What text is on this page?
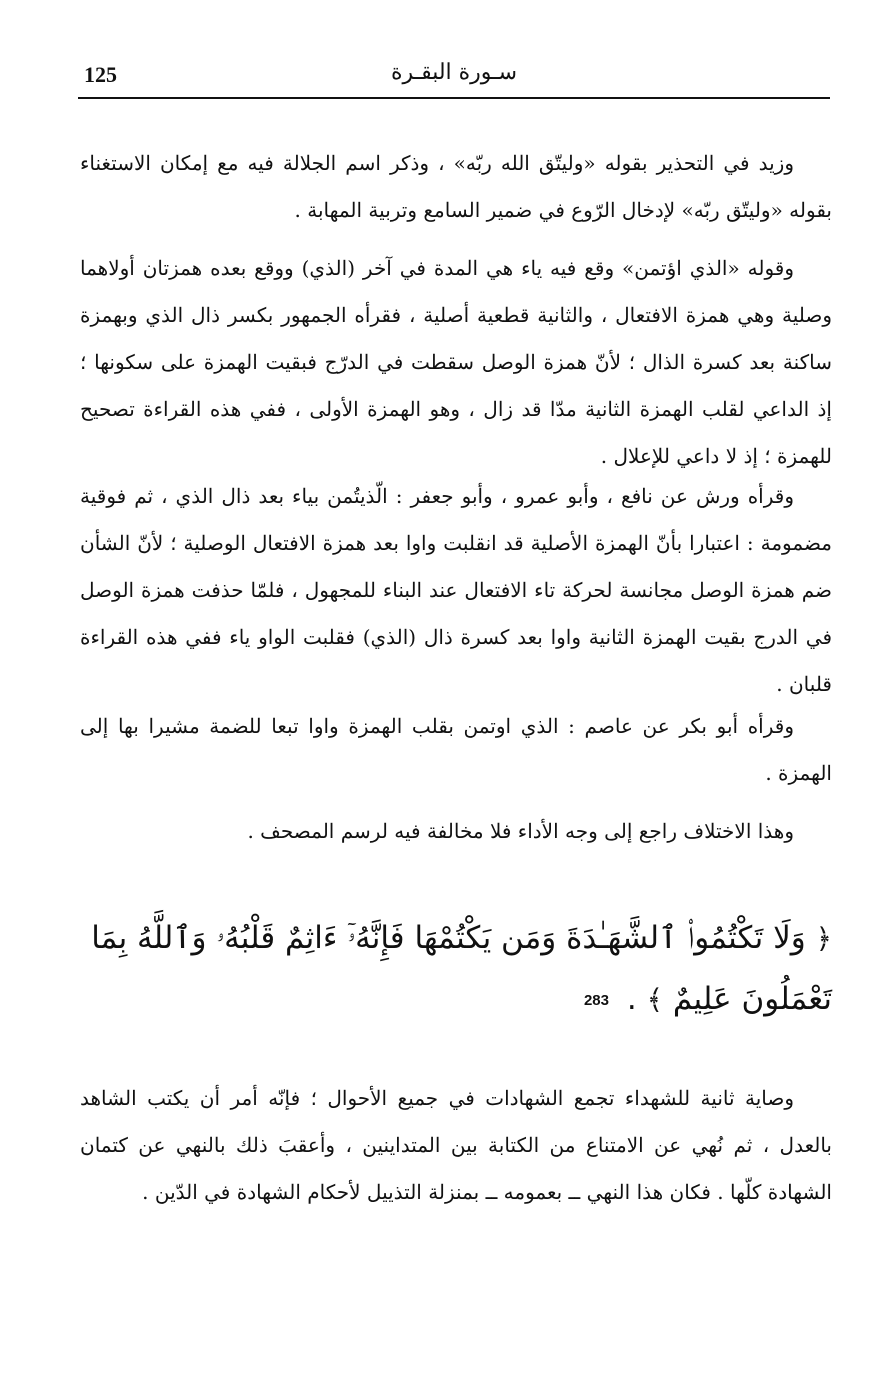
125	سـورة البقـرة

وزيد في التحذير بقوله «وليتّق الله ربّه» ، وذكر اسم الجلالة فيه مع إمكان الاستغناء بقوله «وليتّق ربّه» لإدخال الرّوع في ضمير السامع وتربية المهابة .

وقوله «الذي اؤتمن» وقع فيه ياء هي المدة في آخر (الذي) ووقع بعده همزتان أولاهما وصلية وهي همزة الافتعال ، والثانية قطعية أصلية ، فقرأه الجمهور بكسر ذال الذي وبهمزة ساكنة بعد كسرة الذال ؛ لأنّ همزة الوصل سقطت في الدرّج فبقيت الهمزة على سكونها ؛ إذ الداعي لقلب الهمزة الثانية مدّا قد زال ، وهو الهمزة الأولى ، ففي هذه القراءة تصحيح للهمزة ؛ إذ لا داعي للإعلال .

وقرأه ورش عن نافع ، وأبو عمرو ، وأبو جعفر : الّذيتُمن بياء بعد ذال الذي ، ثم فوقية مضمومة : اعتبارا بأنّ الهمزة الأصلية قد انقلبت واوا بعد همزة الافتعال الوصلية ؛ لأنّ الشأن ضم همزة الوصل مجانسة لحركة تاء الافتعال عند البناء للمجهول ، فلمّا حذفت همزة الوصل في الدرج بقيت الهمزة الثانية واوا بعد كسرة ذال (الذي) فقلبت الواو ياء ففي هذه القراءة قلبان .

وقرأه أبو بكر عن عاصم : الذي اوتمن بقلب الهمزة واوا تبعا للضمة مشيرا بها إلى الهمزة .

وهذا الاختلاف راجع إلى وجه الأداء فلا مخالفة فيه لرسم المصحف .

﴿ وَلَا تَكْتُمُوا۟ ٱلشَّهَـٰدَةَ وَمَن يَكْتُمْهَا فَإِنَّهُۥٓ ءَاثِمٌ قَلْبُهُۥ وَٱللَّهُ بِمَا تَعْمَلُونَ عَلِيمٌ ﴾ . 283

وصاية ثانية للشهداء تجمع الشهادات في جميع الأحوال ؛ فإنّه أمر أن يكتب الشاهد بالعدل ، ثم نُهي عن الامتناع من الكتابة بين المتداينين ، وأعقبَ ذلك بالنهي عن كتمان الشهادة كلّها . فكان هذا النهي ــ بعمومه ــ بمنزلة التذييل لأحكام الشهادة في الدّين .
